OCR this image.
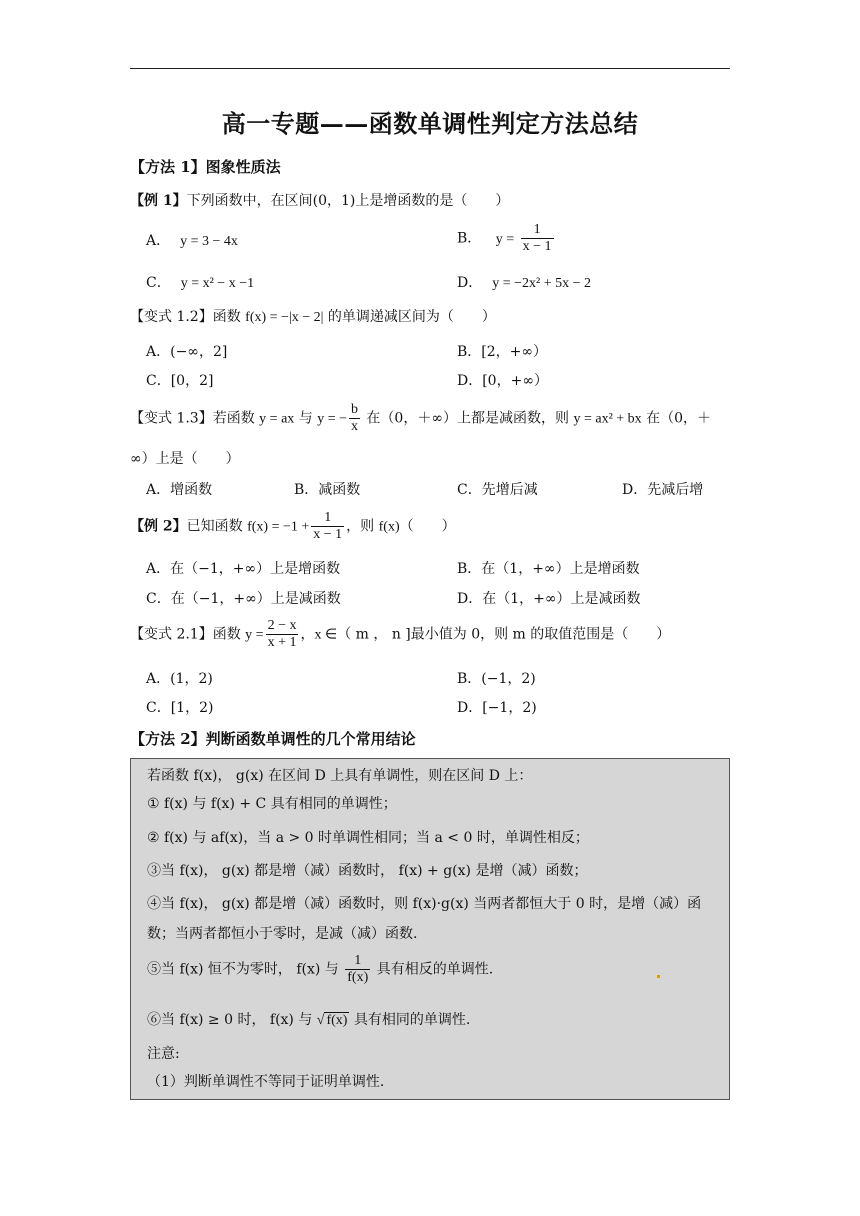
高一专题——函数单调性判定方法总结
【方法 1】图象性质法
【例 1】下列函数中，在区间(0，1)上是增函数的是（　　）
A． y = 3 − 4x	B． $y = \frac{1}{x - 1}$
C． y = x² − x −1	D． y = −2x² + 5x − 2
【变式 1.2】函数 f(x) = −|x − 2| 的单调递减区间为（　　）
A．(−∞，2]	B．[2，+∞）
C．[0，2]	D．[0，+∞）
【变式 1.3】若函数 y = ax 与 y = − $\frac{b}{x}$ 在（0，＋∞）上都是减函数，则 y = ax² + bx 在（0，＋
∞）上是（　　）
A．增函数	B．减函数	C．先增后减	D．先减后增
【例 2】已知函数 $f(x) = -1 + \frac{1}{x - 1}$ ，则 f(x)（　　）
A．在（−1，+∞）上是增函数	B．在（1，+∞）上是增函数
C．在（−1，+∞）上是减函数	D．在（1，+∞）上是减函数
【变式 2.1】函数 $y = \frac{2 - x}{x + 1}$ ，x ∈（ m ， n ]最小值为 0，则 m 的取值范围是（　　）
A．(1，2)	B．(−1，2)
C．[1，2)	D．[−1，2)
【方法 2】判断函数单调性的几个常用结论
若函数 f(x)， g(x) 在区间 D 上具有单调性，则在区间 D 上：
① f(x) 与 f(x) + C 具有相同的单调性；
② f(x) 与 af(x)，当 a > 0 时单调性相同；当 a < 0 时，单调性相反；
③当 f(x)， g(x) 都是增（减）函数时， f(x) + g(x) 是增（减）函数；
④当 f(x)， g(x) 都是增（减）函数时，则 f(x)·g(x) 当两者都恒大于 0 时，是增（减）函
数；当两者都恒小于零时，是减（减）函数.
⑤当 f(x) 恒不为零时， f(x) 与 $\frac{1}{f(x)}$ 具有相反的单调性.
⑥当 f(x) ≥ 0 时， f(x) 与 √ f(x) 具有相同的单调性.
注意:
（1）判断单调性不等同于证明单调性.
